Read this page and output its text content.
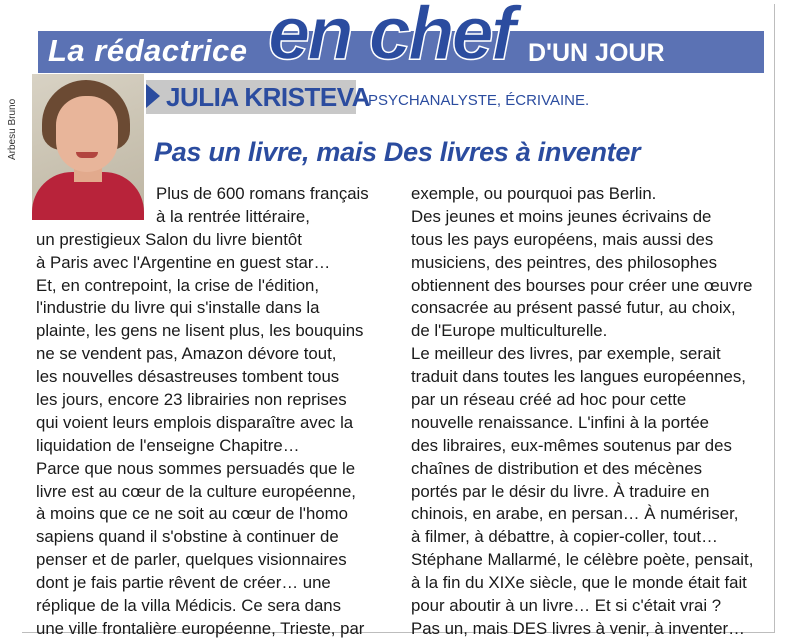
La rédactrice en chef D'UN JOUR
Arbesu Bruno
JULIA KRISTEVA
PSYCHANALYSTE, ÉCRIVAINE.
Pas un livre, mais Des livres à inventer
Plus de 600 romans français
à la rentrée littéraire,
un prestigieux Salon du livre bientôt
à Paris avec l'Argentine en guest star…
Et, en contrepoint, la crise de l'édition,
l'industrie du livre qui s'installe dans la
plainte, les gens ne lisent plus, les bouquins
ne se vendent pas, Amazon dévore tout,
les nouvelles désastreuses tombent tous
les jours, encore 23 librairies non reprises
qui voient leurs emplois disparaître avec la
liquidation de l'enseigne Chapitre…
Parce que nous sommes persuadés que le
livre est au cœur de la culture européenne,
à moins que ce ne soit au cœur de l'homo
sapiens quand il s'obstine à continuer de
penser et de parler, quelques visionnaires
dont je fais partie rêvent de créer… une
réplique de la villa Médicis. Ce sera dans
une ville frontalière européenne, Trieste, par
exemple, ou pourquoi pas Berlin.
Des jeunes et moins jeunes écrivains de
tous les pays européens, mais aussi des
musiciens, des peintres, des philosophes
obtiennent des bourses pour créer une œuvre
consacrée au présent passé futur, au choix,
de l'Europe multiculturelle.
Le meilleur des livres, par exemple, serait
traduit dans toutes les langues européennes,
par un réseau créé ad hoc pour cette
nouvelle renaissance. L'infini à la portée
des libraires, eux-mêmes soutenus par des
chaînes de distribution et des mécènes
portés par le désir du livre. À traduire en
chinois, en arabe, en persan… À numériser,
à filmer, à débattre, à copier-coller, tout…
Stéphane Mallarmé, le célèbre poète, pensait,
à la fin du XIXe siècle, que le monde était fait
pour aboutir à un livre… Et si c'était vrai ?
Pas un, mais DES livres à venir, à inventer…
